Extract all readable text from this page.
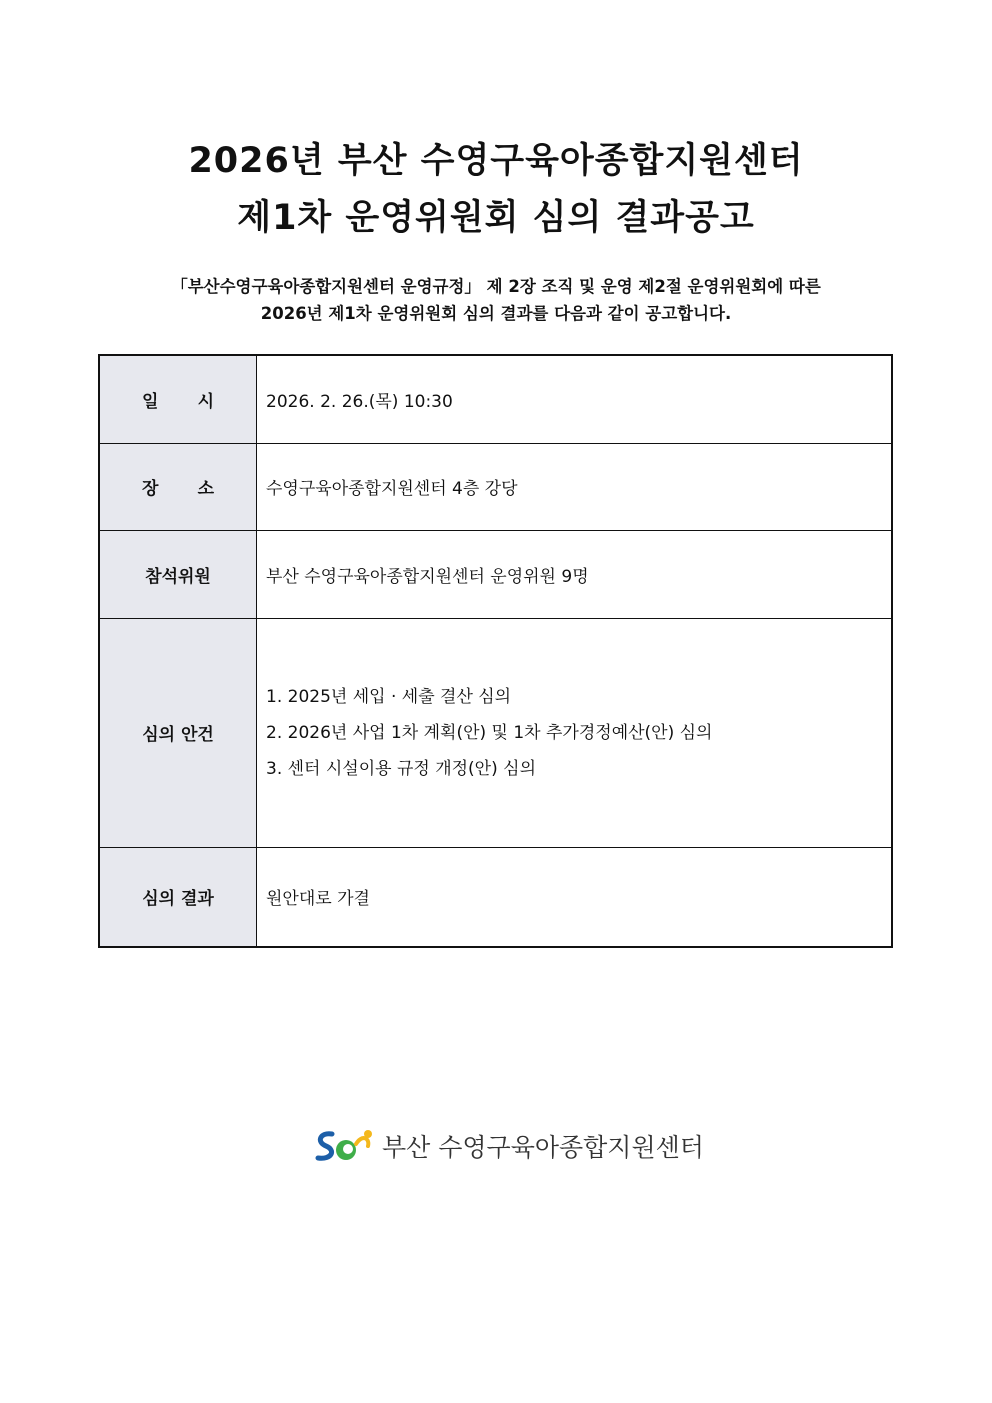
2026년 부산 수영구육아종합지원센터
제1차 운영위원회 심의 결과공고
「부산수영구육아종합지원센터 운영규정」 제 2장 조직 및 운영 제2절 운영위원회에 따른
2026년 제1차 운영위원회 심의 결과를 다음과 같이 공고합니다.
일 시	2026. 2. 26.(목) 10:30
장 소	수영구육아종합지원센터 4층 강당
참석위원	부산 수영구육아종합지원센터 운영위원 9명
심의 안건	1. 2025년 세입 · 세출 결산 심의
2. 2026년 사업 1차 계획(안) 및 1차 추가경정예산(안) 심의
3. 센터 시설이용 규정 개정(안) 심의

심의 결과	원안대로 가결
부산 수영구육아종합지원센터
